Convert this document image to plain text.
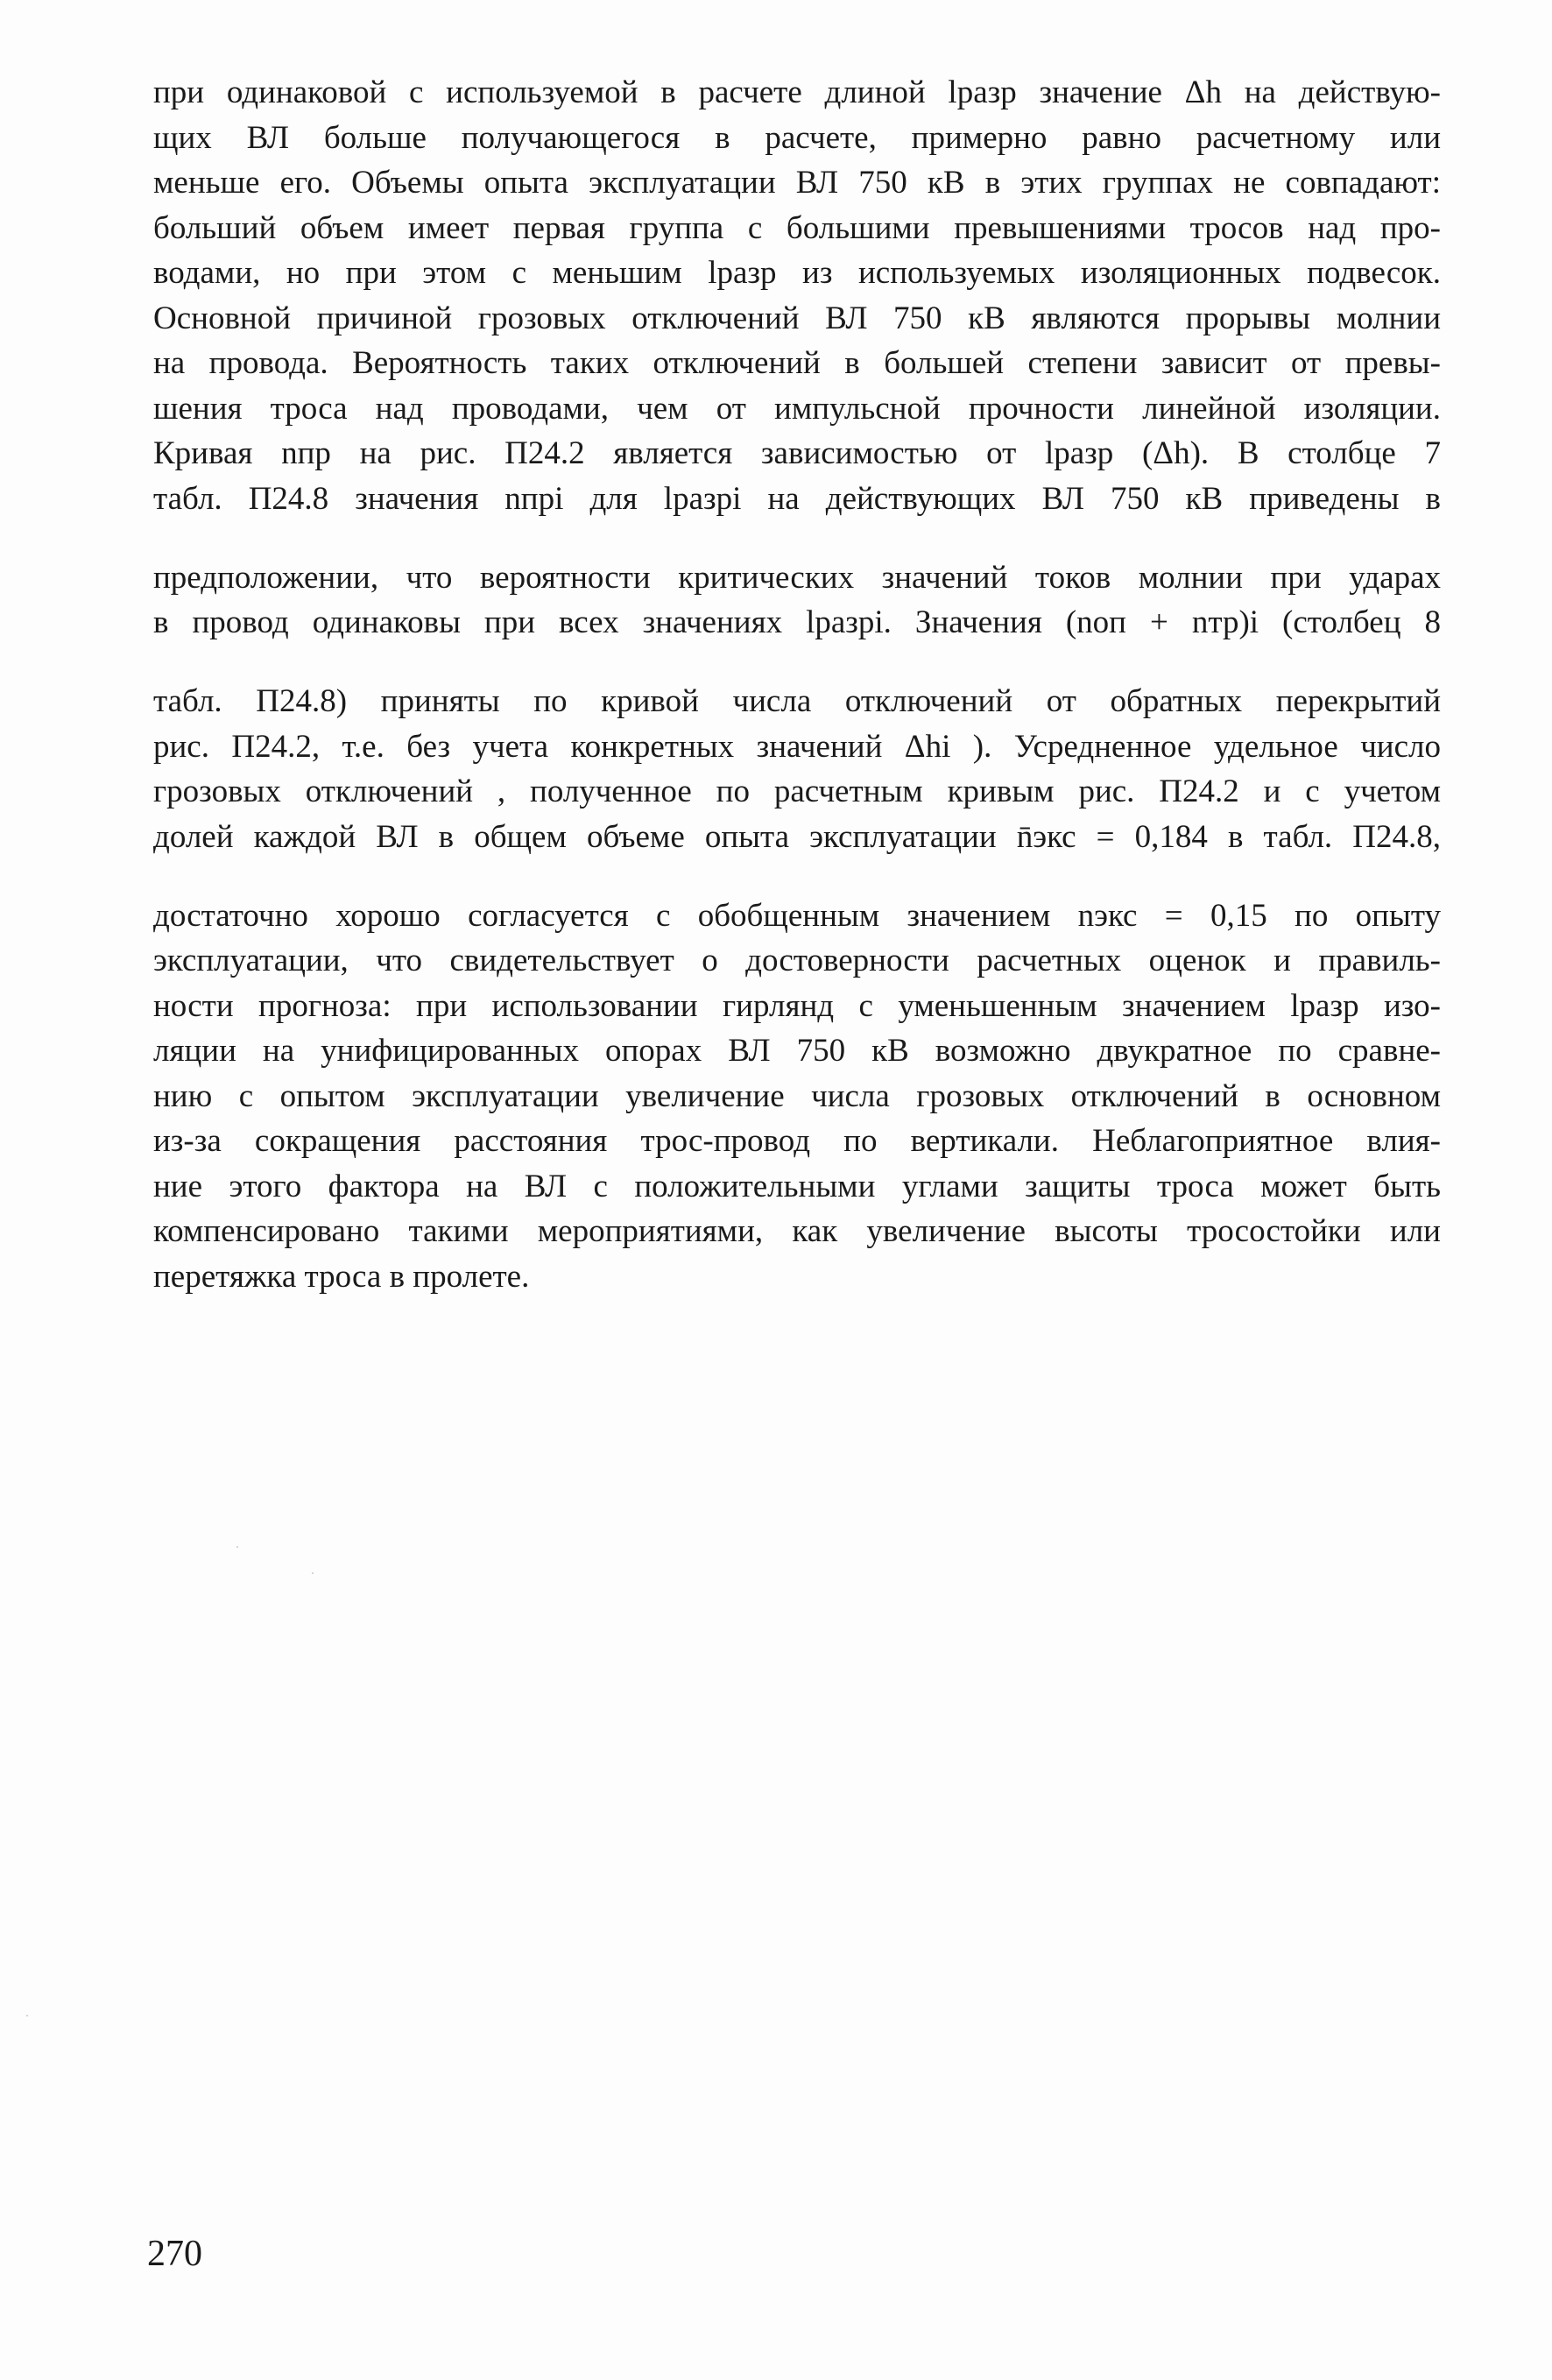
при одинаковой с используемой в расчете длиной lразр значение Δh на действую-
щих ВЛ больше получающегося в расчете, примерно равно расчетному или
меньше его. Объемы опыта эксплуатации ВЛ 750 кВ в этих группах не совпадают:
больший объем имеет первая группа с большими превышениями тросов над про-
водами, но при этом с меньшим lразр из используемых изоляционных подвесок.
Основной причиной грозовых отключений ВЛ 750 кВ являются прорывы молнии
на провода. Вероятность таких отключений в большей степени зависит от превы-
шения троса над проводами, чем от импульсной прочности линейной изоляции.
Кривая nпр на рис. П24.2 является зависимостью от lразр (Δh). В столбце 7
табл. П24.8 значения nпрi для lразрi на действующих ВЛ 750 кВ приведены в
предположении, что вероятности критических значений токов молнии при ударах
в провод одинаковы при всех значениях lразрi. Значения (nоп + nтр)i (столбец 8
табл. П24.8) приняты по кривой числа отключений от обратных перекрытий
рис. П24.2, т.е. без учета конкретных значений Δhi ). Усредненное удельное число
грозовых отключений , полученное по расчетным кривым рис. П24.2 и с учетом
долей каждой ВЛ в общем объеме опыта эксплуатации n̄экс = 0,184 в табл. П24.8,
достаточно хорошо согласуется с обобщенным значением nэкс = 0,15 по опыту
эксплуатации, что свидетельствует о достоверности расчетных оценок и правиль-
ности прогноза: при использовании гирлянд с уменьшенным значением lразр изо-
ляции на унифицированных опорах ВЛ 750 кВ возможно двукратное по сравне-
нию с опытом эксплуатации увеличение числа грозовых отключений в основном
из-за сокращения расстояния трос-провод по вертикали. Неблагоприятное влия-
ние этого фактора на ВЛ с положительными углами защиты троса может быть
компенсировано такими мероприятиями, как увеличение высоты тросостойки или
перетяжка троса в пролете.
270
